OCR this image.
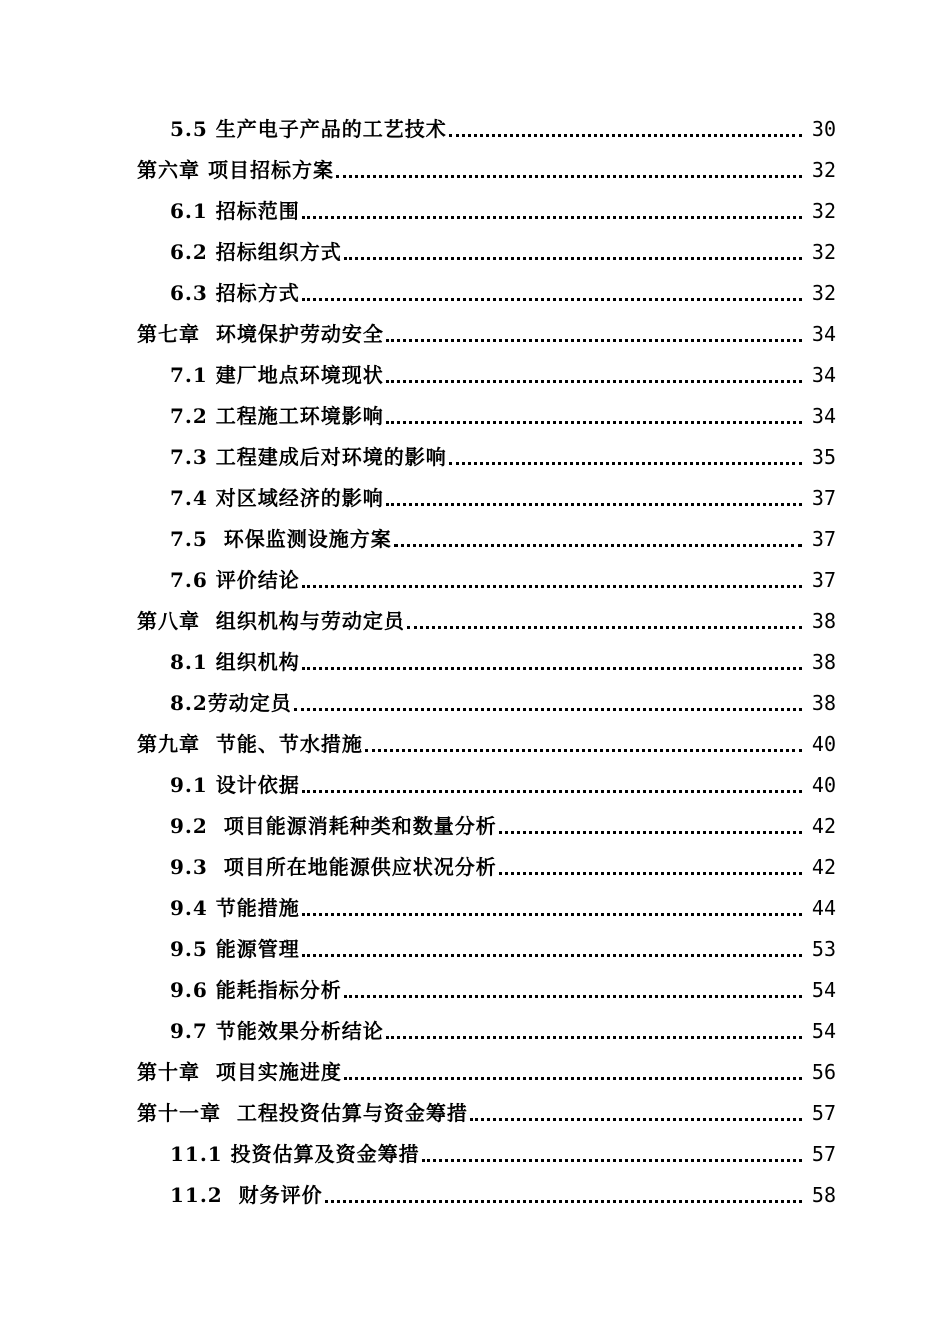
5.5 生产电子产品的工艺技术	30
第六章 项目招标方案	32
6.1 招标范围	32
6.2 招标组织方式	32
6.3 招标方式	32
第七章  环境保护劳动安全	34
7.1 建厂地点环境现状	34
7.2 工程施工环境影响	34
7.3 工程建成后对环境的影响	35
7.4 对区域经济的影响	37
7.5  环保监测设施方案	37
7.6 评价结论	37
第八章  组织机构与劳动定员	38
8.1 组织机构	38
8.2劳动定员	38
第九章  节能、节水措施	40
9.1 设计依据	40
9.2  项目能源消耗种类和数量分析	42
9.3  项目所在地能源供应状况分析	42
9.4 节能措施	44
9.5 能源管理	53
9.6 能耗指标分析	54
9.7 节能效果分析结论	54
第十章  项目实施进度	56
第十一章  工程投资估算与资金筹措	57
11.1 投资估算及资金筹措	57
11.2  财务评价	58
